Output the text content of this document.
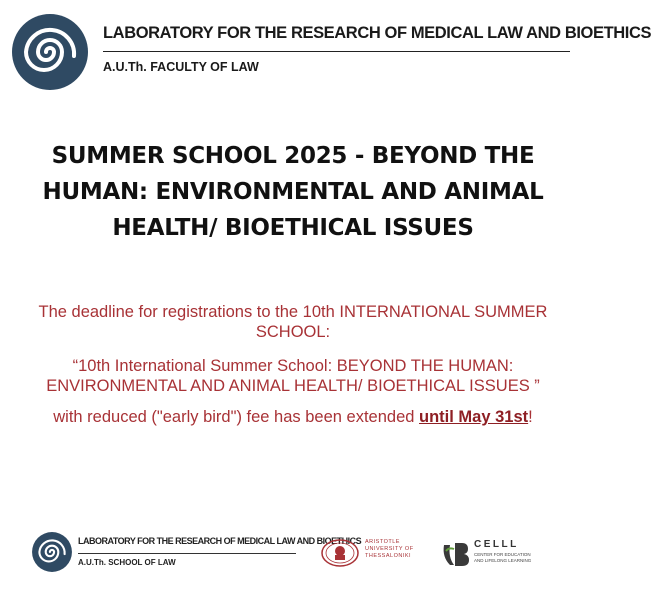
LABORATORY FOR THE RESEARCH OF MEDICAL LAW AND BIOETHICS
A.U.Th. FACULTY OF LAW
SUMMER SCHOOL 2025 - BEYOND THE
HUMAN: ENVIRONMENTAL AND ANIMAL
HEALTH/ BIOETHICAL ISSUES

The deadline for registrations to the 10th INTERNATIONAL SUMMER
SCHOOL:

“10th International Summer School: BEYOND THE HUMAN:
ENVIRONMENTAL AND ANIMAL HEALTH/ BIOETHICAL ISSUES ”

with reduced ("early bird") fee has been extended until May 31st!

LABORATORY FOR THE RESEARCH OF MEDICAL LAW AND BIOETHICS
A.U.Th. SCHOOL OF LAW
ARISTOTLE
UNIVERSITY OF
THESSALONIKI
CELLL
CENTER FOR EDUCATION
AND LIFELONG LEARNING
